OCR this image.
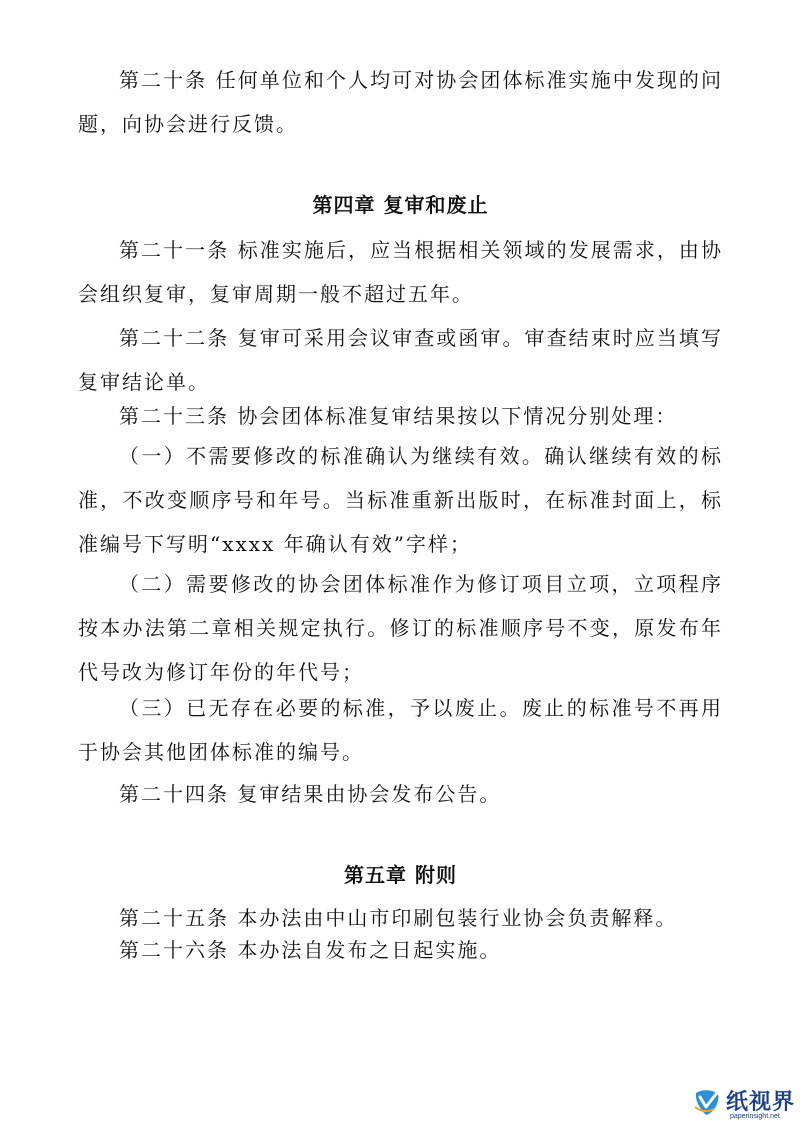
第二十条 任何单位和个人均可对协会团体标准实施中发现的问题，向协会进行反馈。

第四章 复审和废止

第二十一条 标准实施后，应当根据相关领域的发展需求，由协会组织复审，复审周期一般不超过五年。

第二十二条 复审可采用会议审查或函审。审查结束时应当填写复审结论单。

第二十三条 协会团体标准复审结果按以下情况分别处理：

（一）不需要修改的标准确认为继续有效。确认继续有效的标准，不改变顺序号和年号。当标准重新出版时，在标准封面上，标准编号下写明“xxxx 年确认有效”字样；

（二）需要修改的协会团体标准作为修订项目立项，立项程序按本办法第二章相关规定执行。修订的标准顺序号不变，原发布年代号改为修订年份的年代号；

（三）已无存在必要的标准，予以废止。废止的标准号不再用于协会其他团体标准的编号。

第二十四条 复审结果由协会发布公告。

第五章 附则

第二十五条 本办法由中山市印刷包装行业协会负责解释。

第二十六条 本办法自发布之日起实施。

纸视界
paperinsight.net
